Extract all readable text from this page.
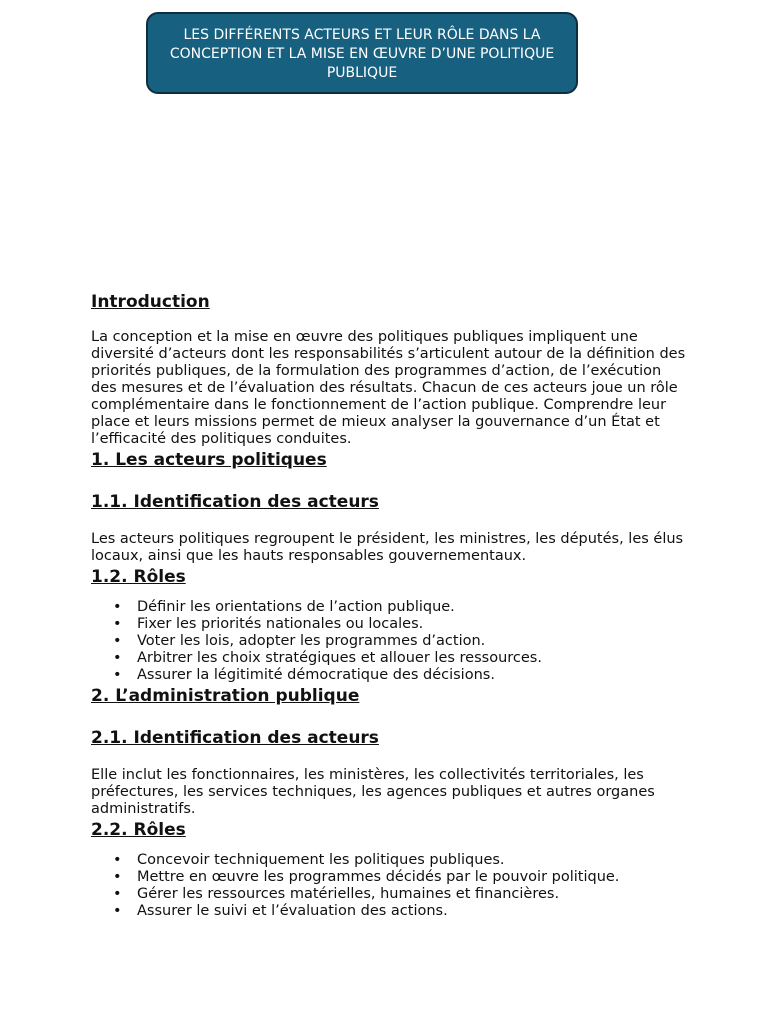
LES DIFFÉRENTS ACTEURS ET LEUR RÔLE DANS LA CONCEPTION ET LA MISE EN ŒUVRE D’UNE POLITIQUE PUBLIQUE
Introduction

La conception et la mise en œuvre des politiques publiques impliquent une diversité d’acteurs dont les responsabilités s’articulent autour de la définition des priorités publiques, de la formulation des programmes d’action, de l’exécution des mesures et de l’évaluation des résultats. Chacun de ces acteurs joue un rôle complémentaire dans le fonctionnement de l’action publique. Comprendre leur place et leurs missions permet de mieux analyser la gouvernance d’un État et l’efficacité des politiques conduites.

1. Les acteurs politiques
1.1. Identification des acteurs

Les acteurs politiques regroupent le président, les ministres, les députés, les élus locaux, ainsi que les hauts responsables gouvernementaux.

1.2. Rôles
• Définir les orientations de l’action publique.
• Fixer les priorités nationales ou locales.
• Voter les lois, adopter les programmes d’action.
• Arbitrer les choix stratégiques et allouer les ressources.
• Assurer la légitimité démocratique des décisions.
2. L’administration publique
2.1. Identification des acteurs

Elle inclut les fonctionnaires, les ministères, les collectivités territoriales, les préfectures, les services techniques, les agences publiques et autres organes administratifs.

2.2. Rôles
• Concevoir techniquement les politiques publiques.
• Mettre en œuvre les programmes décidés par le pouvoir politique.
• Gérer les ressources matérielles, humaines et financières.
• Assurer le suivi et l’évaluation des actions.
